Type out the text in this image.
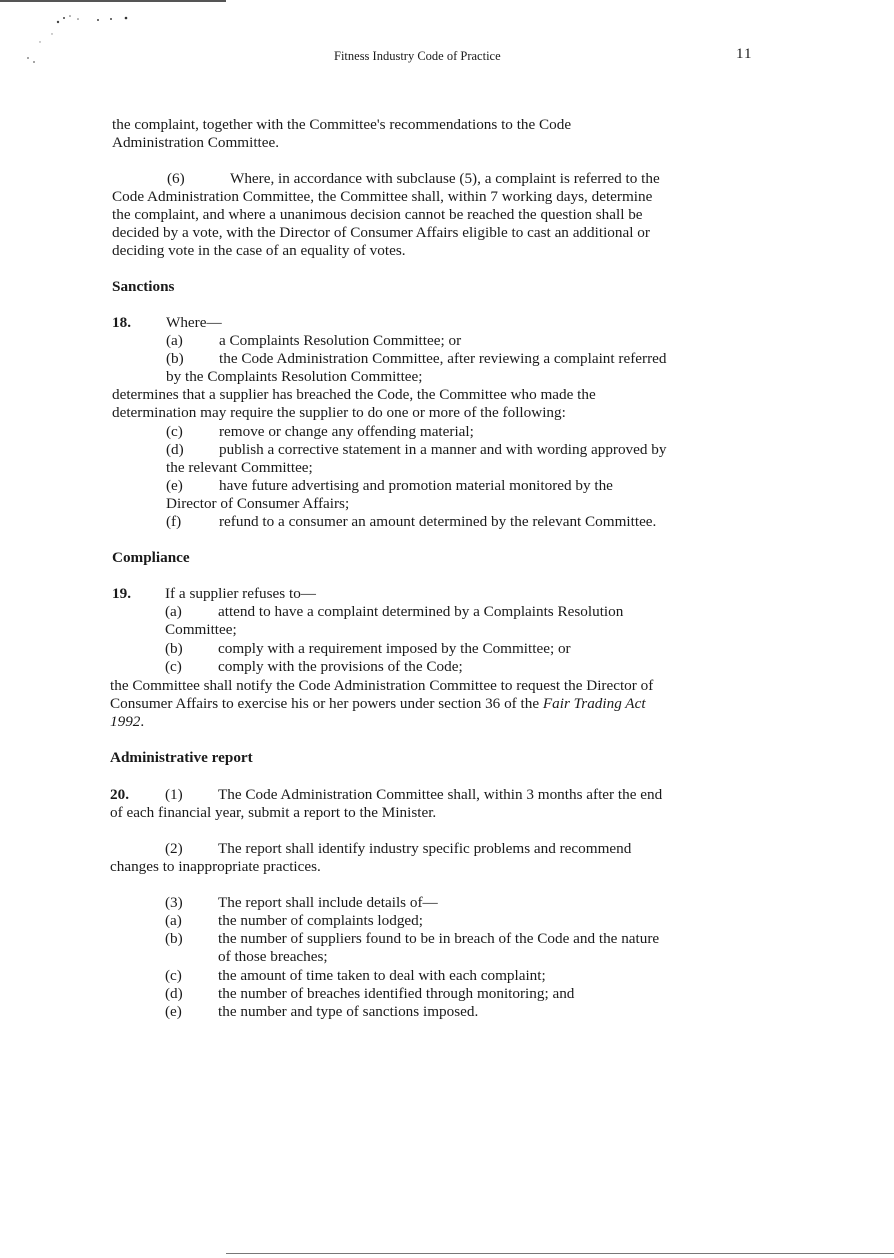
Fitness Industry Code of Practice	11
the complaint, together with the Committee's recommendations to the Code
Administration Committee.
(6)	Where, in accordance with subclause (5), a complaint is referred to the
Code Administration Committee, the Committee shall, within 7 working days, determine
the complaint, and where a unanimous decision cannot be reached the question shall be
decided by a vote, with the Director of Consumer Affairs eligible to cast an additional or
deciding vote in the case of an equality of votes.
Sanctions
18. Where—
(a) a Complaints Resolution Committee; or
(b) the Code Administration Committee, after reviewing a complaint referred
by the Complaints Resolution Committee;
determines that a supplier has breached the Code, the Committee who made the
determination may require the supplier to do one or more of the following:
(c) remove or change any offending material;
(d) publish a corrective statement in a manner and with wording approved by
the relevant Committee;
(e) have future advertising and promotion material monitored by the
Director of Consumer Affairs;
(f) refund to a consumer an amount determined by the relevant Committee.
Compliance
19. If a supplier refuses to—
(a) attend to have a complaint determined by a Complaints Resolution
Committee;
(b) comply with a requirement imposed by the Committee; or
(c) comply with the provisions of the Code;
the Committee shall notify the Code Administration Committee to request the Director of
Consumer Affairs to exercise his or her powers under section 36 of the Fair Trading Act
1992.
Administrative report
20. (1) The Code Administration Committee shall, within 3 months after the end
of each financial year, submit a report to the Minister.
(2) The report shall identify industry specific problems and recommend
changes to inappropriate practices.
(3) The report shall include details of—
(a) the number of complaints lodged;
(b) the number of suppliers found to be in breach of the Code and the nature
of those breaches;
(c) the amount of time taken to deal with each complaint;
(d) the number of breaches identified through monitoring; and
(e) the number and type of sanctions imposed.
